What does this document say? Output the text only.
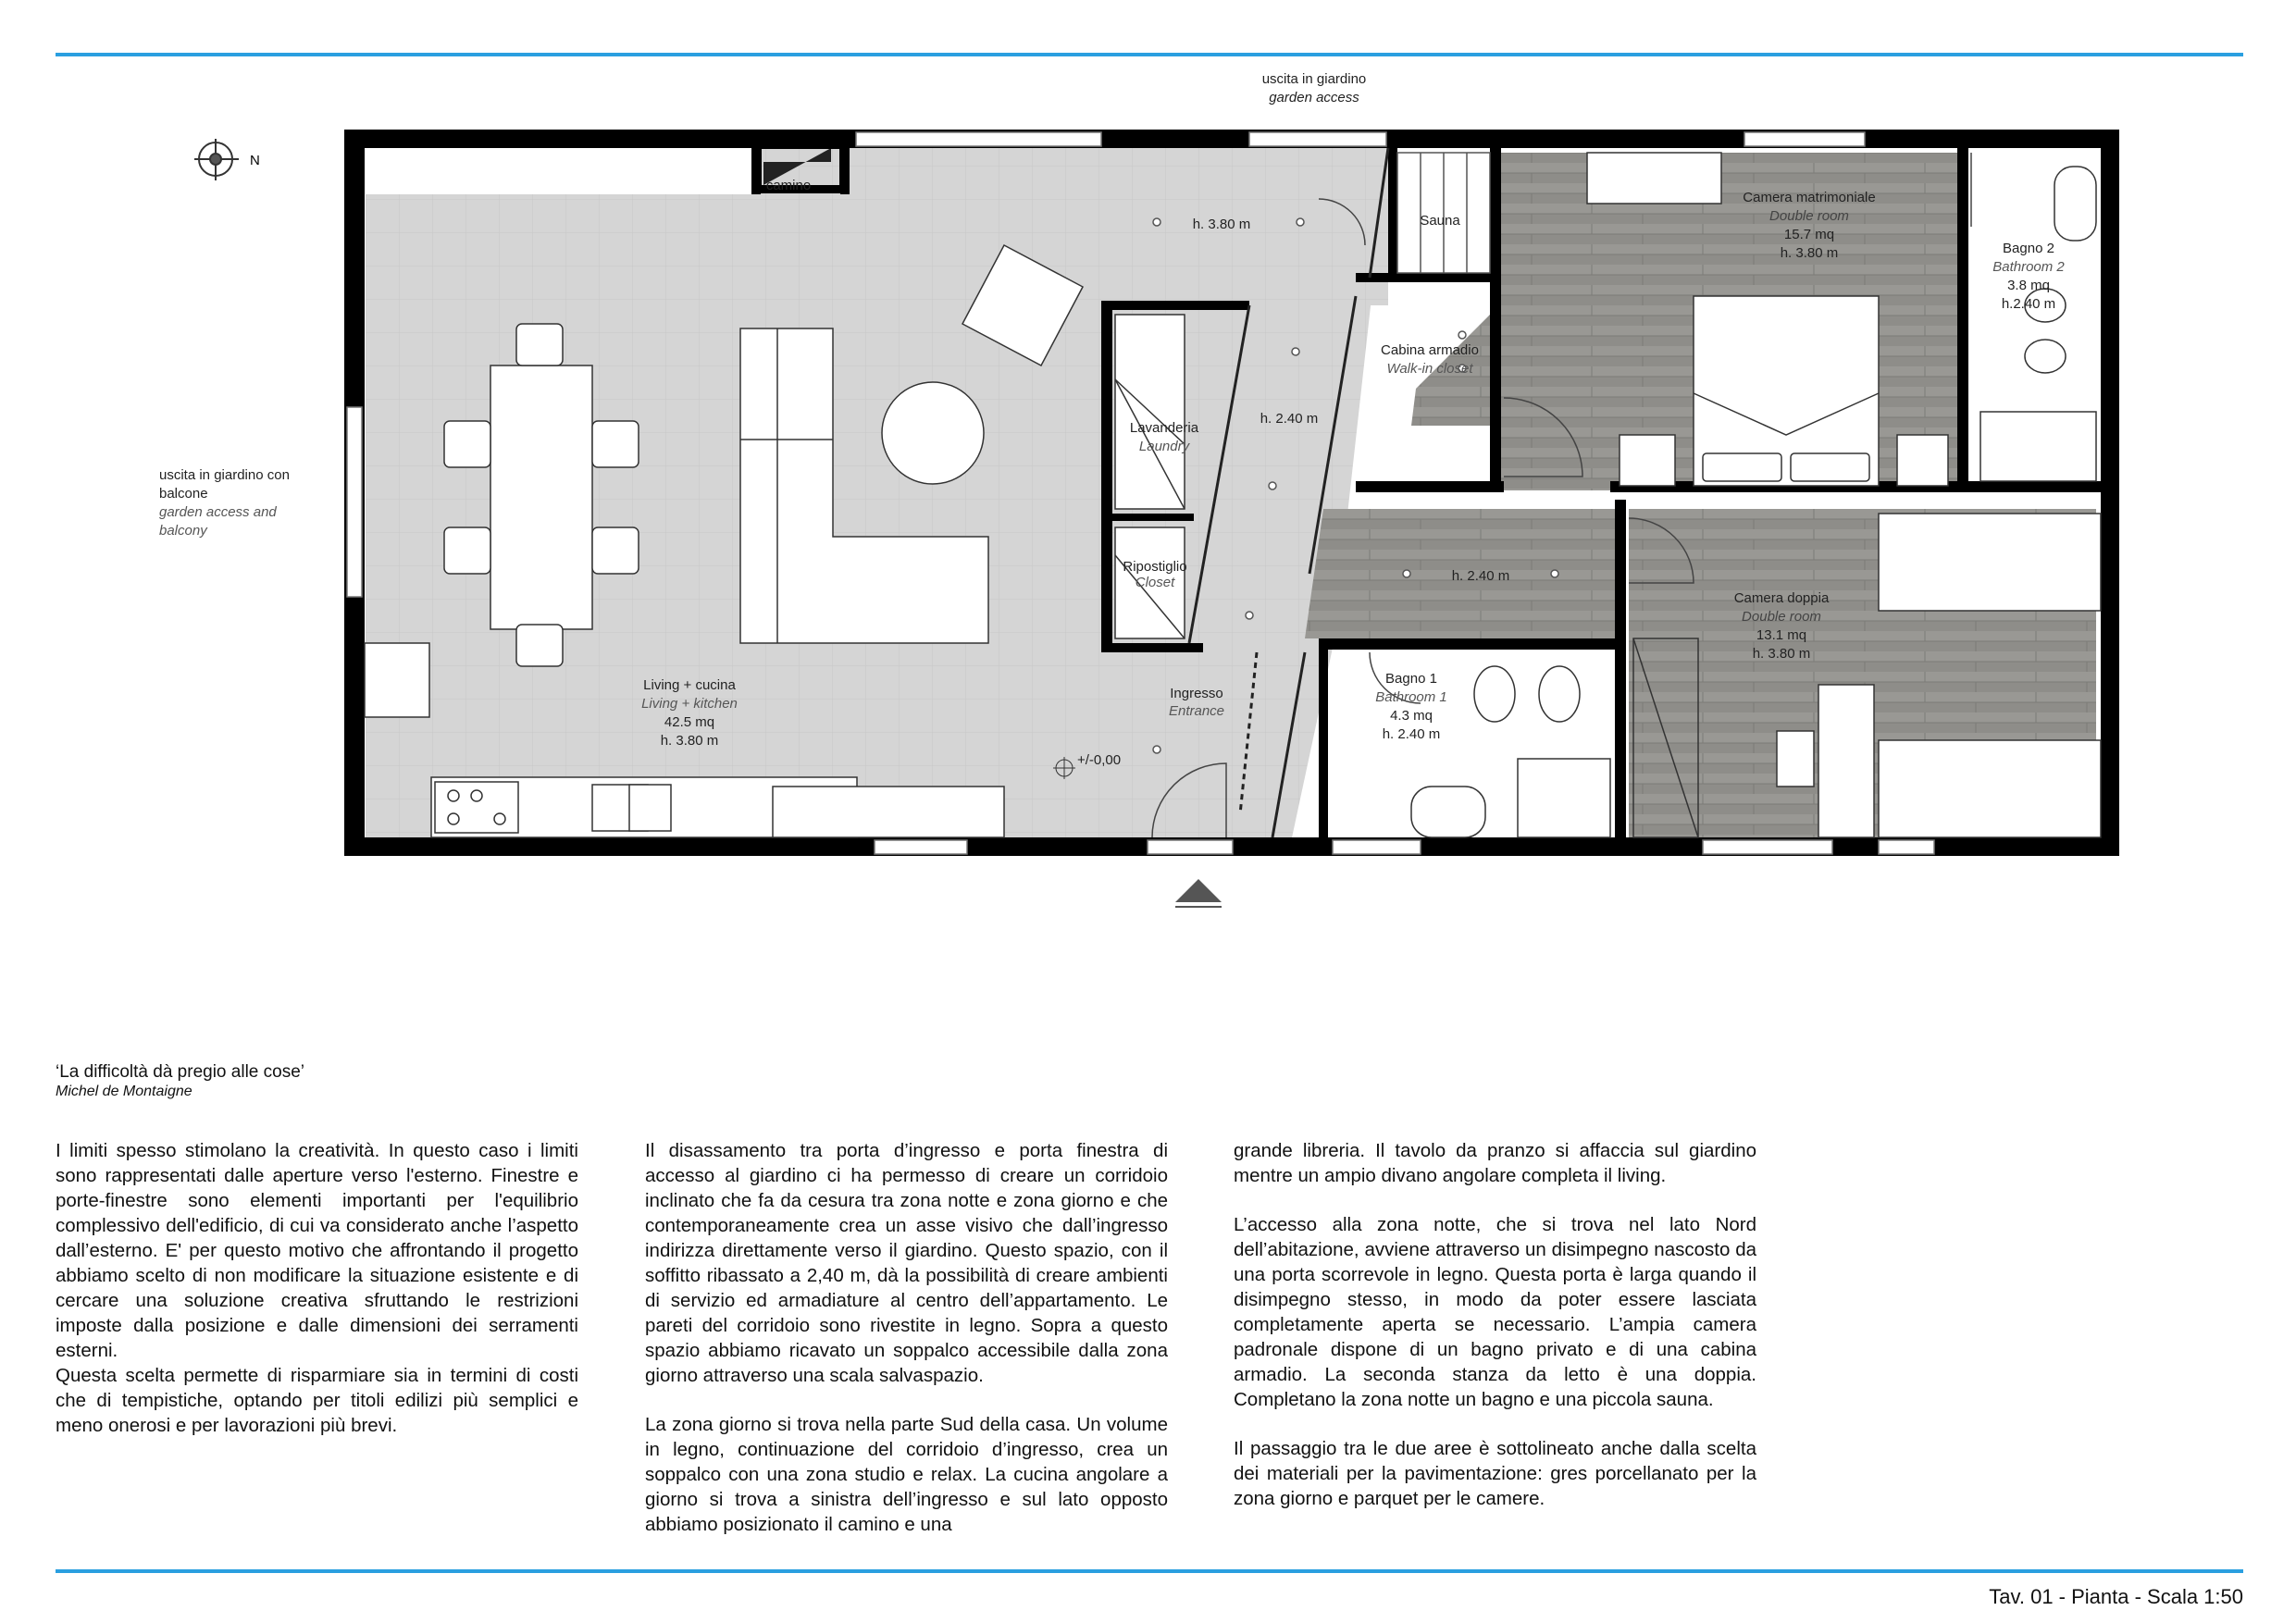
N
uscita in giardino
garden access
uscita in giardino con
balcone
garden access and
balcony
camino
Sauna
h. 3.80 m
h. 2.40 m
h. 2.40 m
+/-0,00
Camera matrimoniale
Double room
15.7 mq
h. 3.80 m	Bagno 2
Bathroom 2
3.8 mq
h.2.40 m
Cabina armadio
Walk-in closet
Lavanderia
Laundry
Ripostiglio
Closet
Camera doppia
Double room
13.1 mq
h. 3.80 m
Bagno 1
Bathroom 1
4.3 mq
h. 2.40 m
Living + cucina
Living + kitchen
42.5 mq
h. 3.80 m
Ingresso
Entrance
‘La difficoltà dà pregio alle cose’
Michel de Montaigne

I limiti spesso stimolano la creatività. In questo caso i limiti sono rappresentati dalle aperture verso l'esterno. Finestre e porte-finestre sono elementi importanti per l'equilibrio complessivo dell'edificio, di cui va considerato anche l’aspetto dall’esterno. E' per questo motivo che affrontando il progetto abbiamo scelto di non modificare la situazione esistente e di cercare una soluzione creativa sfruttando le restrizioni imposte dalla posizione e dalle dimensioni dei serramenti esterni.

Questa scelta permette di risparmiare sia in termini di costi che di tempistiche, optando per titoli edilizi più semplici e meno onerosi e per lavorazioni più brevi.

Il disassamento tra porta d’ingresso e porta finestra di accesso al giardino ci ha permesso di creare un corridoio inclinato che fa da cesura tra zona notte e zona giorno e che contemporaneamente crea un asse visivo che dall’ingresso indirizza direttamente verso il giardino. Questo spazio, con il soffitto ribassato a 2,40 m, dà la possibilità di creare ambienti di servizio ed armadiature al centro dell’appartamento. Le pareti del corridoio sono rivestite in legno. Sopra a questo spazio abbiamo ricavato un soppalco accessibile dalla zona giorno attraverso una scala salvaspazio.

La zona giorno si trova nella parte Sud della casa. Un volume in legno, continuazione del corridoio d’ingresso, crea un soppalco con una zona studio e relax. La cucina angolare a giorno si trova a sinistra dell’ingresso e sul lato opposto abbiamo posizionato il camino e una

grande libreria. Il tavolo da pranzo si affaccia sul giardino mentre un ampio divano angolare completa il living.

L’accesso alla zona notte, che si trova nel lato Nord dell’abitazione, avviene attraverso un disimpegno nascosto da una porta scorrevole in legno. Questa porta è larga quando il disimpegno stesso, in modo da poter essere lasciata completamente aperta se necessario. L’ampia camera padronale dispone di un bagno privato e di una cabina armadio. La seconda stanza da letto è una doppia. Completano la zona notte un bagno e una piccola sauna.

Il passaggio tra le due aree è sottolineato anche dalla scelta dei materiali per la pavimentazione: gres porcellanato per la zona giorno e parquet per le camere.

Tav. 01 - Pianta - Scala 1:50
